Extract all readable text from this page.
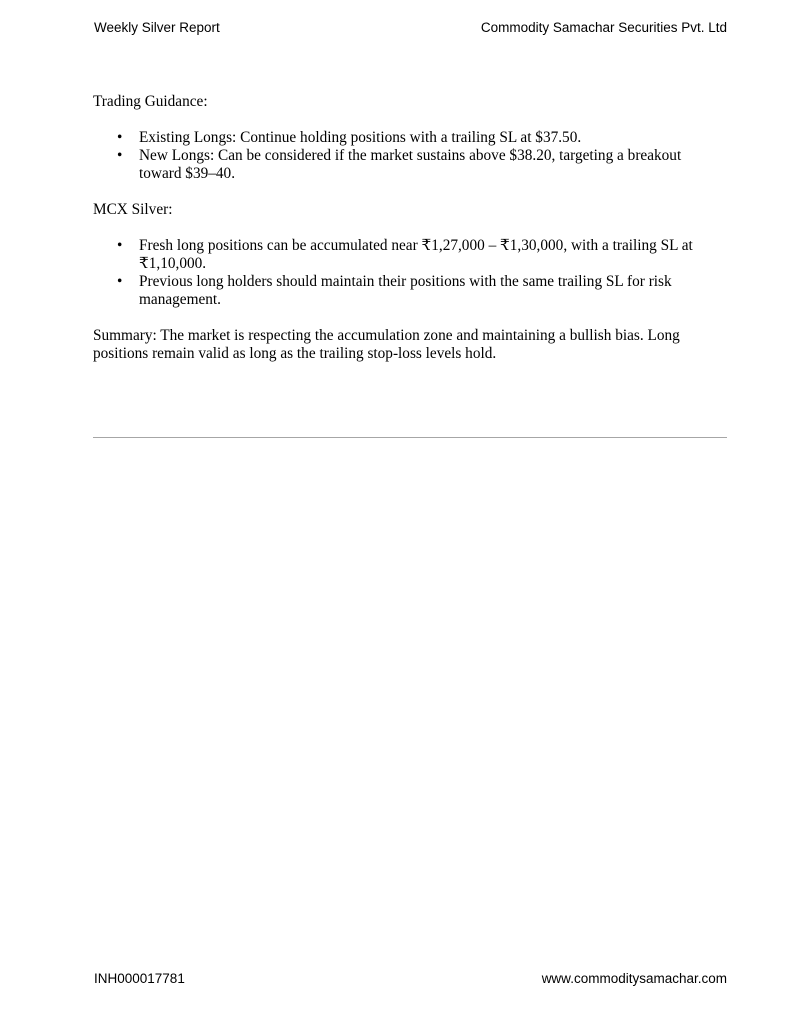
Weekly Silver Report	Commodity Samachar Securities Pvt. Ltd

Trading Guidance:

• Existing Longs: Continue holding positions with a trailing SL at $37.50.
• New Longs: Can be considered if the market sustains above $38.20, targeting a breakout toward $39–40.

MCX Silver:

• Fresh long positions can be accumulated near ₹1,27,000 – ₹1,30,000, with a trailing SL at ₹1,10,000.
• Previous long holders should maintain their positions with the same trailing SL for risk management.

Summary: The market is respecting the accumulation zone and maintaining a bullish bias. Long positions remain valid as long as the trailing stop-loss levels hold.

INH000017781	www.commoditysamachar.com
